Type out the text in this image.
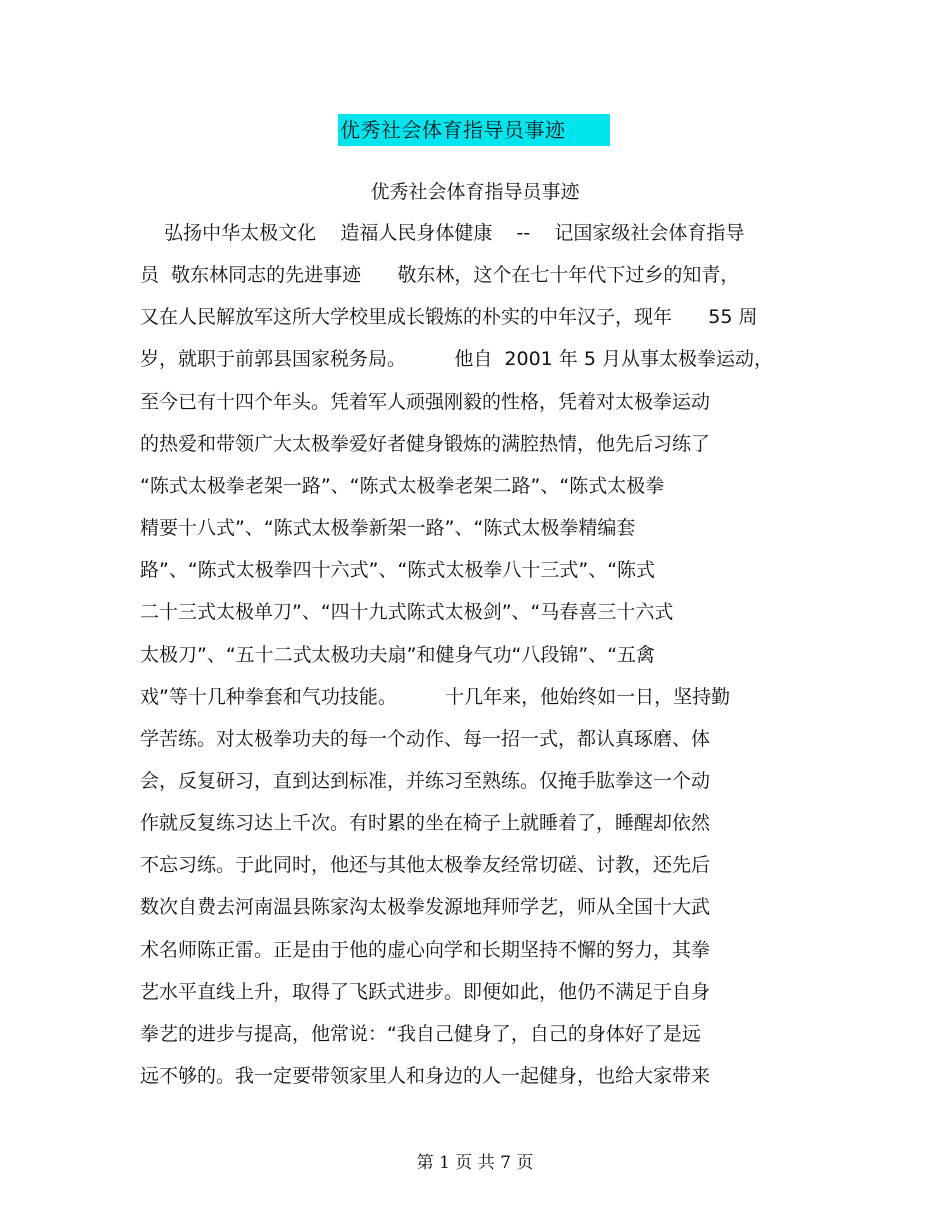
优秀社会体育指导员事迹
优秀社会体育指导员事迹
弘扬中华太极文化    造福人民身体健康    --    记国家级社会体育指导
员  敬东林同志的先进事迹      敬东林，这个在七十年代下过乡的知青，
又在人民解放军这所大学校里成长锻炼的朴实的中年汉子，现年      55 周
岁，就职于前郭县国家税务局。        他自  2001 年 5 月从事太极拳运动，
至今已有十四个年头。凭着军人顽强刚毅的性格，凭着对太极拳运动
的热爱和带领广大太极拳爱好者健身锻炼的满腔热情，他先后习练了
“陈式太极拳老架一路”、“陈式太极拳老架二路”、“陈式太极拳
精要十八式”、“陈式太极拳新架一路”、“陈式太极拳精编套
路”、“陈式太极拳四十六式”、“陈式太极拳八十三式”、“陈式
二十三式太极单刀”、“四十九式陈式太极剑”、“马春喜三十六式
太极刀”、“五十二式太极功夫扇”和健身气功“八段锦”、“五禽
戏”等十几种拳套和气功技能。        十几年来，他始终如一日，坚持勤
学苦练。对太极拳功夫的每一个动作、每一招一式，都认真琢磨、体
会，反复研习，直到达到标准，并练习至熟练。仅掩手肱拳这一个动
作就反复练习达上千次。有时累的坐在椅子上就睡着了，睡醒却依然
不忘习练。于此同时，他还与其他太极拳友经常切磋、讨教，还先后
数次自费去河南温县陈家沟太极拳发源地拜师学艺，师从全国十大武
术名师陈正雷。正是由于他的虚心向学和长期坚持不懈的努力，其拳
艺水平直线上升，取得了飞跃式进步。即便如此，他仍不满足于自身
拳艺的进步与提高，他常说：“我自己健身了，自己的身体好了是远
远不够的。我一定要带领家里人和身边的人一起健身，也给大家带来
第 1 页 共 7 页
